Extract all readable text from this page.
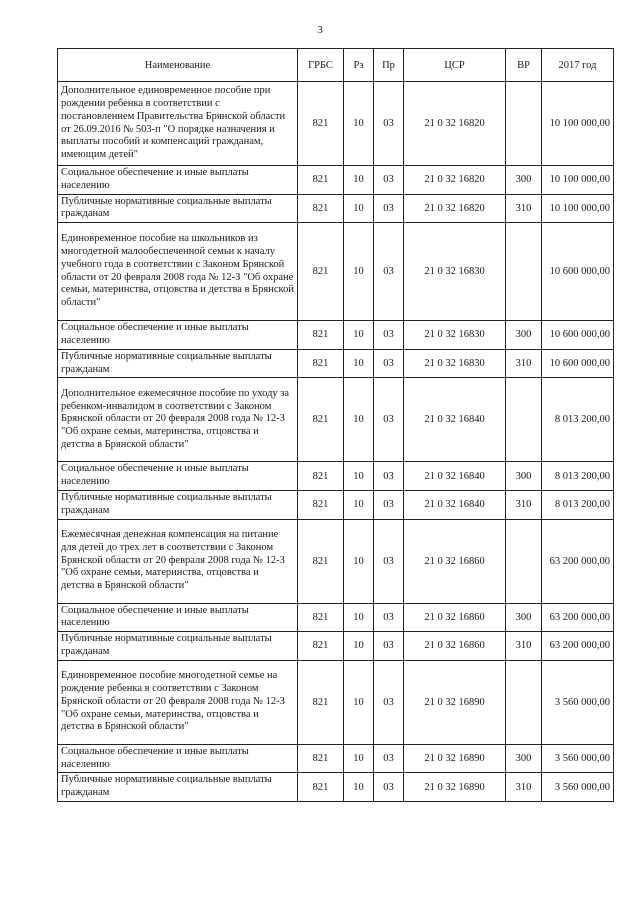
3
Наименование	ГРБС	Рз	Пр	ЦСР	ВР	2017 год
Дополнительное единовременное пособие при рождении ребенка в соответствии с постановлением Правительства Брянской области от 26.09.2016 № 503-п "О порядке назначения и выплаты пособий и компенсаций гражданам, имеющим детей"	821	10	03	21 0 32 16820		10 100 000,00
Социальное обеспечение и иные выплаты населению	821	10	03	21 0 32 16820	300	10 100 000,00
Публичные нормативные социальные выплаты гражданам	821	10	03	21 0 32 16820	310	10 100 000,00
Единовременное пособие на школьников из многодетной малообеспеченной семьи к началу учебного года в соответствии с Законом Брянской области от 20 февраля 2008 года № 12-З "Об охране семьи, материнства, отцовства и детства в Брянской области"	821	10	03	21 0 32 16830		10 600 000,00
Социальное обеспечение и иные выплаты населению	821	10	03	21 0 32 16830	300	10 600 000,00
Публичные нормативные социальные выплаты гражданам	821	10	03	21 0 32 16830	310	10 600 000,00
Дополнительное ежемесячное пособие по уходу за ребенком-инвалидом в соответствии с Законом Брянской области от 20 февраля 2008 года № 12-З "Об охране семьи, материнства, отцовства и детства в Брянской области"	821	10	03	21 0 32 16840		8 013 200,00
Социальное обеспечение и иные выплаты населению	821	10	03	21 0 32 16840	300	8 013 200,00
Публичные нормативные социальные выплаты гражданам	821	10	03	21 0 32 16840	310	8 013 200,00
Ежемесячная денежная компенсация на питание для детей до трех лет в соответствии с Законом Брянской области от 20 февраля 2008 года № 12-З "Об охране семьи, материнства, отцовства и детства в Брянской области"	821	10	03	21 0 32 16860		63 200 000,00
Социальное обеспечение и иные выплаты населению	821	10	03	21 0 32 16860	300	63 200 000,00
Публичные нормативные социальные выплаты гражданам	821	10	03	21 0 32 16860	310	63 200 000,00
Единовременное пособие многодетной семье на рождение ребенка в соответствии с Законом Брянской области от 20 февраля 2008 года № 12-З "Об охране семьи, материнства, отцовства и детства в Брянской области"	821	10	03	21 0 32 16890		3 560 000,00
Социальное обеспечение и иные выплаты населению	821	10	03	21 0 32 16890	300	3 560 000,00
Публичные нормативные социальные выплаты гражданам	821	10	03	21 0 32 16890	310	3 560 000,00
